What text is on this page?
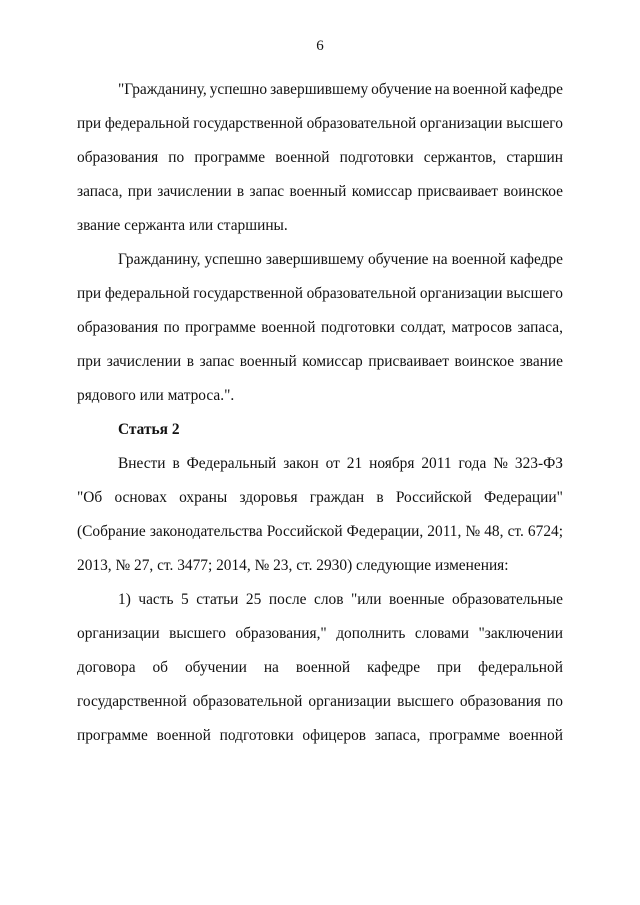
6
"Гражданину, успешно завершившему обучение на военной кафедре
при федеральной государственной образовательной организации высшего
образования по программе военной подготовки сержантов, старшин
запаса, при зачислении в запас военный комиссар присваивает воинское
звание сержанта или старшины.
Гражданину, успешно завершившему обучение на военной кафедре
при федеральной государственной образовательной организации высшего
образования по программе военной подготовки солдат, матросов запаса,
при зачислении в запас военный комиссар присваивает воинское звание
рядового или матроса.".
Статья 2
Внести в Федеральный закон от 21 ноября 2011 года № 323-ФЗ
"Об основах охраны здоровья граждан в Российской Федерации"
(Собрание законодательства Российской Федерации, 2011, № 48, ст. 6724;
2013, № 27, ст. 3477; 2014, № 23, ст. 2930) следующие изменения:
1) часть 5 статьи 25 после слов "или военные образовательные
организации высшего образования," дополнить словами "заключении
договора об обучении на военной кафедре при федеральной
государственной образовательной организации высшего образования по
программе военной подготовки офицеров запаса, программе военной
